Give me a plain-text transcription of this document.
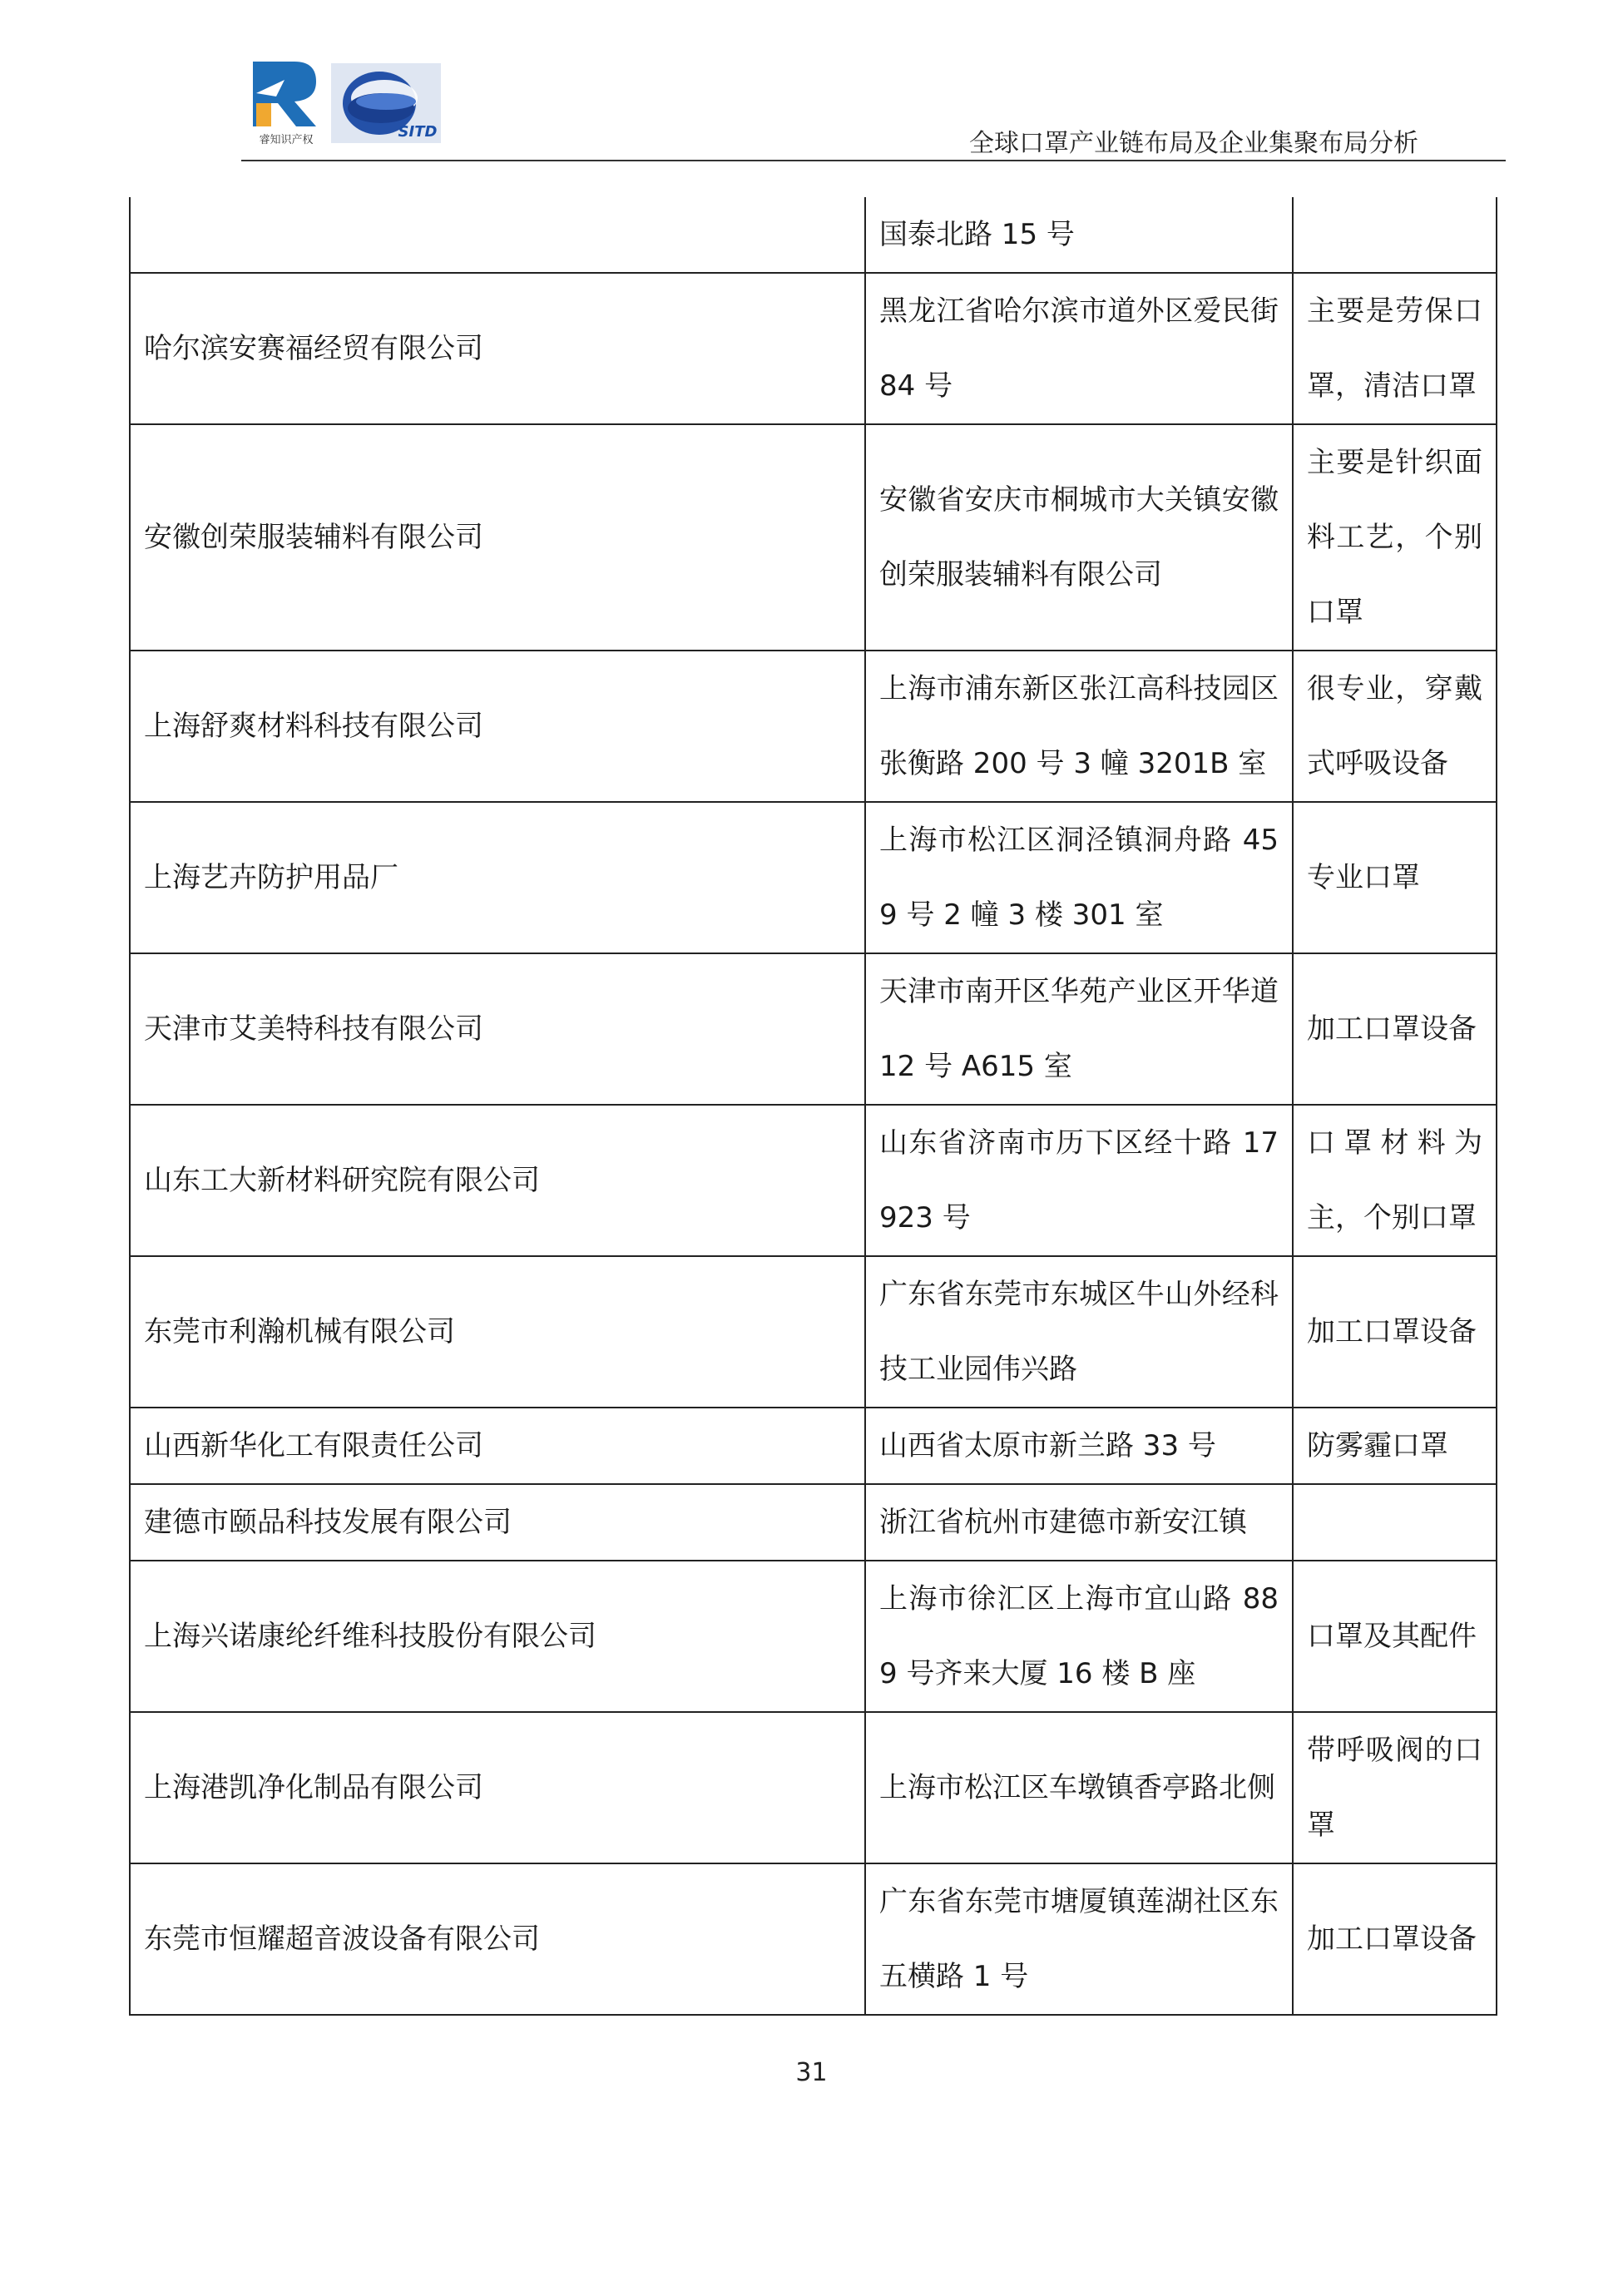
睿知识产权	SITD	全球口罩产业链布局及企业集聚布局分析
	国泰北路 15 号	
哈尔滨安赛福经贸有限公司	黑龙江省哈尔滨市道外区爱民街 84 号	主要是劳保口罩，清洁口罩
安徽创荣服装辅料有限公司	安徽省安庆市桐城市大关镇安徽创荣服装辅料有限公司	主要是针织面料工艺，个别口罩
上海舒爽材料科技有限公司	上海市浦东新区张江高科技园区张衡路 200 号 3 幢 3201B 室	很专业，穿戴式呼吸设备
上海艺卉防护用品厂	上海市松江区洞泾镇洞舟路 459 号 2 幢 3 楼 301 室	专业口罩
天津市艾美特科技有限公司	天津市南开区华苑产业区开华道 12 号 A615 室	加工口罩设备
山东工大新材料研究院有限公司	山东省济南市历下区经十路 17923 号	口罩材料为主，个别口罩
东莞市利瀚机械有限公司	广东省东莞市东城区牛山外经科技工业园伟兴路	加工口罩设备
山西新华化工有限责任公司	山西省太原市新兰路 33 号	防雾霾口罩
建德市颐品科技发展有限公司	浙江省杭州市建德市新安江镇	
上海兴诺康纶纤维科技股份有限公司	上海市徐汇区上海市宜山路 889 号齐来大厦 16 楼 B 座	口罩及其配件
上海港凯净化制品有限公司	上海市松江区车墩镇香亭路北侧	带呼吸阀的口罩
东莞市恒耀超音波设备有限公司	广东省东莞市塘厦镇莲湖社区东五横路 1 号	加工口罩设备
31
